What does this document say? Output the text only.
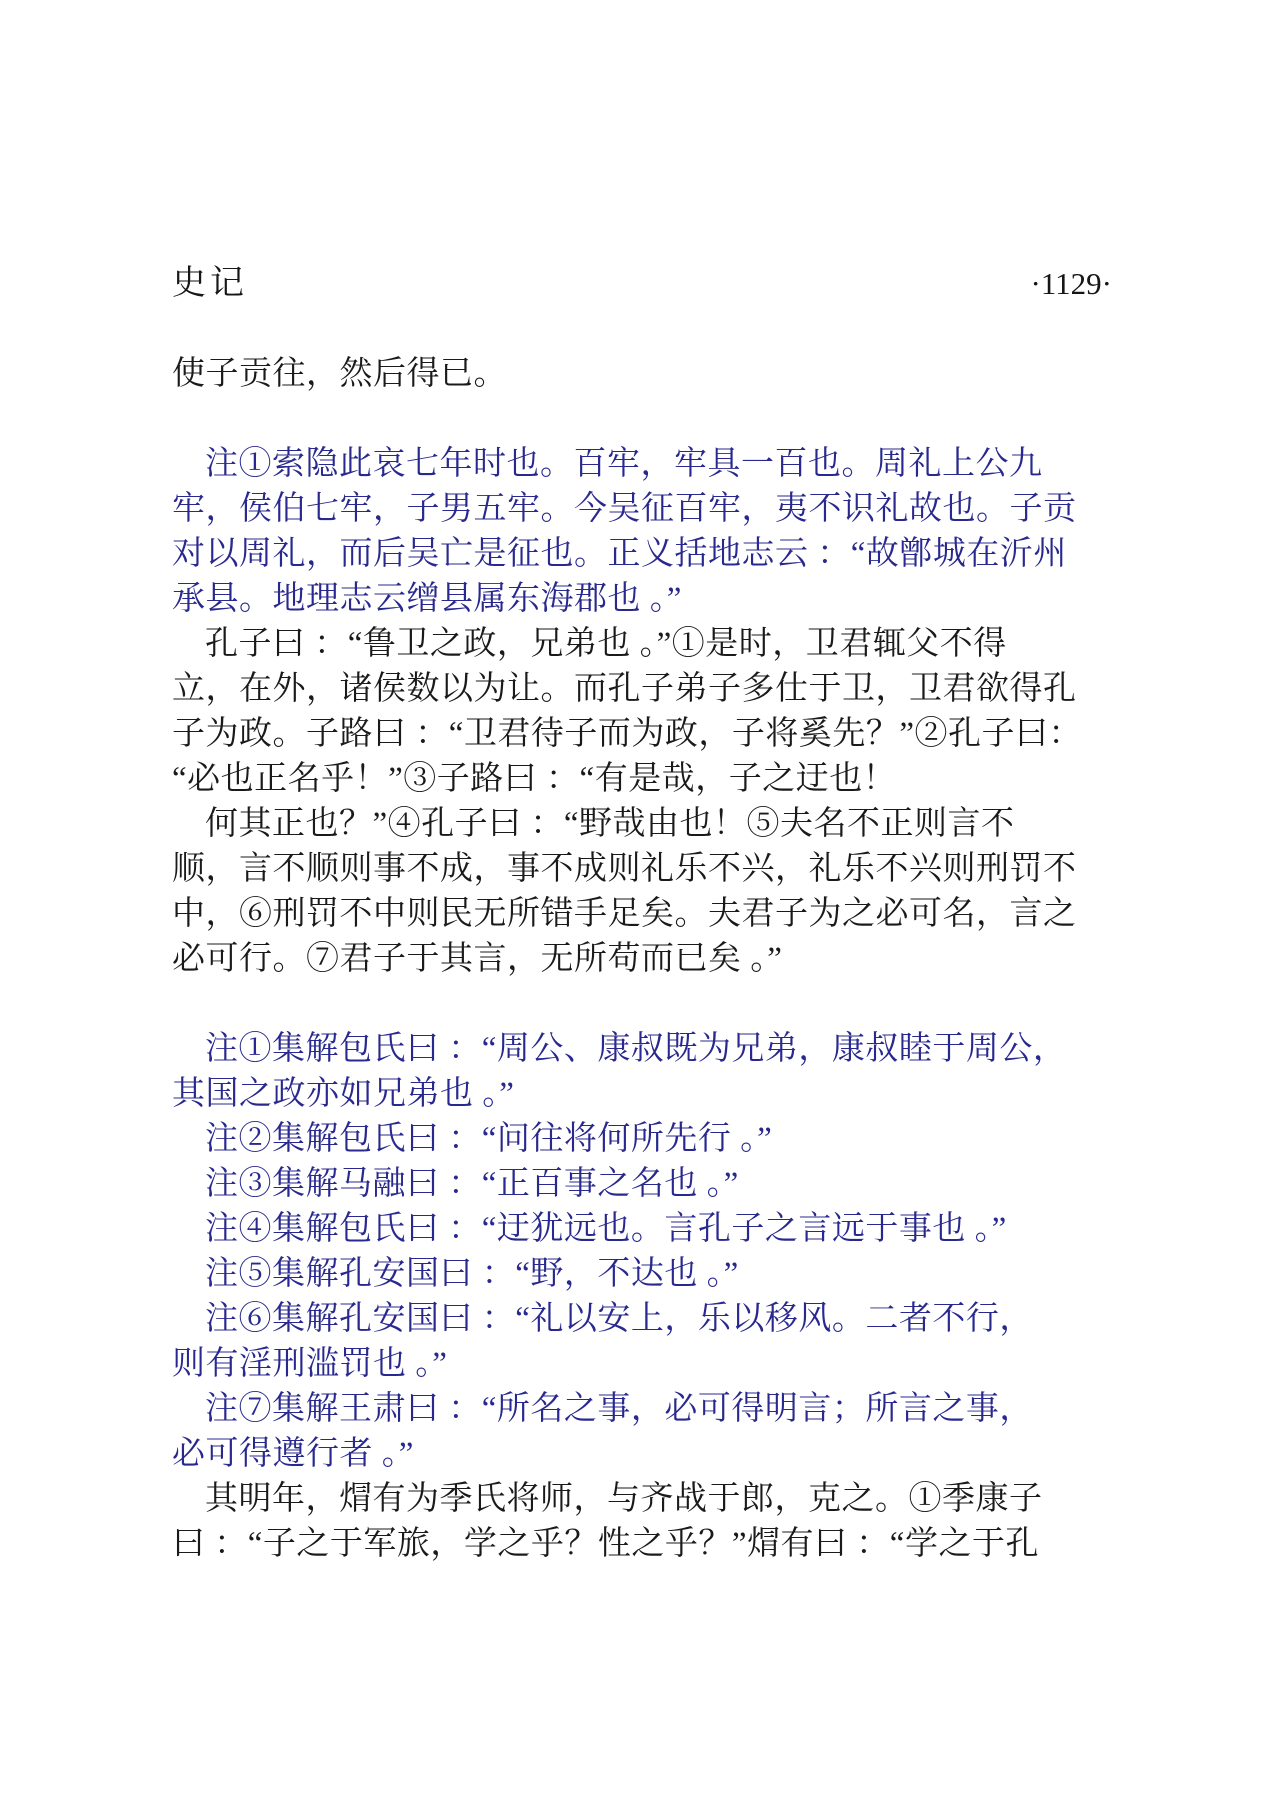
史记	·1129·
使子贡往，然后得已。
注①索隐此哀七年时也。百牢，牢具一百也。周礼上公九
牢，侯伯七牢，子男五牢。今吴征百牢，夷不识礼故也。子贡
对以周礼，而后吴亡是征也。正义括地志云 ：“故鄫城在沂州
承县。地理志云缯县属东海郡也 。”
孔子曰 ：“鲁卫之政，兄弟也 。”①是时，卫君辄父不得
立，在外，诸侯数以为让。而孔子弟子多仕于卫，卫君欲得孔
子为政。子路曰 ：“卫君待子而为政，子将奚先？”②孔子曰：
“必也正名乎！”③子路曰 ：“有是哉，子之迂也！
何其正也？”④孔子曰 ：“野哉由也！⑤夫名不正则言不
顺，言不顺则事不成，事不成则礼乐不兴，礼乐不兴则刑罚不
中，⑥刑罚不中则民无所错手足矣。夫君子为之必可名，言之
必可行。⑦君子于其言，无所苟而已矣 。”
注①集解包氏曰 ：“周公、康叔既为兄弟，康叔睦于周公，
其国之政亦如兄弟也 。”
注②集解包氏曰 ：“问往将何所先行 。”
注③集解马融曰 ：“正百事之名也 。”
注④集解包氏曰 ：“迂犹远也。言孔子之言远于事也 。”
注⑤集解孔安国曰 ：“野，不达也 。”
注⑥集解孔安国曰 ：“礼以安上，乐以移风。二者不行，
则有淫刑滥罚也 。”
注⑦集解王肃曰 ：“所名之事，必可得明言；所言之事，
必可得遵行者 。”
其明年，焨有为季氏将师，与齐战于郎，克之。①季康子
曰 ：“子之于军旅，学之乎？性之乎？”焨有曰 ：“学之于孔
